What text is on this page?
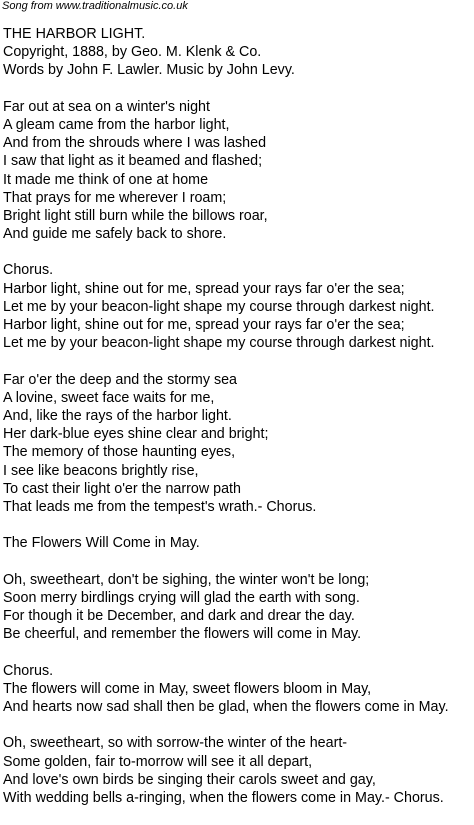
Song from www.traditionalmusic.co.uk
THE HARBOR LIGHT.
Copyright, 1888, by Geo. M. Klenk & Co.
Words by John F. Lawler. Music by John Levy.
Far out at sea on a winter's night
A gleam came from the harbor light,
And from the shrouds where I was lashed
I saw that light as it beamed and flashed;
It made me think of one at home
That prays for me wherever I roam;
Bright light still burn while the billows roar,
And guide me safely back to shore.
Chorus.
Harbor light, shine out for me, spread your rays far o'er the sea;
Let me by your beacon-light shape my course through darkest night.
Harbor light, shine out for me, spread your rays far o'er the sea;
Let me by your beacon-light shape my course through darkest night.
Far o'er the deep and the stormy sea
A lovine, sweet face waits for me,
And, like the rays of the harbor light.
Her dark-blue eyes shine clear and bright;
The memory of those haunting eyes,
I see like beacons brightly rise,
To cast their light o'er the narrow path
That leads me from the tempest's wrath.- Chorus.
The Flowers Will Come in May.
Oh, sweetheart, don't be sighing, the winter won't be long;
Soon merry birdlings crying will glad the earth with song.
For though it be December, and dark and drear the day.
Be cheerful, and remember the flowers will come in May.
Chorus.
The flowers will come in May, sweet flowers bloom in May,
And hearts now sad shall then be glad, when the flowers come in May.
Oh, sweetheart, so with sorrow-the winter of the heart-
Some golden, fair to-morrow will see it all depart,
And love's own birds be singing their carols sweet and gay,
With wedding bells a-ringing, when the flowers come in May.- Chorus.
